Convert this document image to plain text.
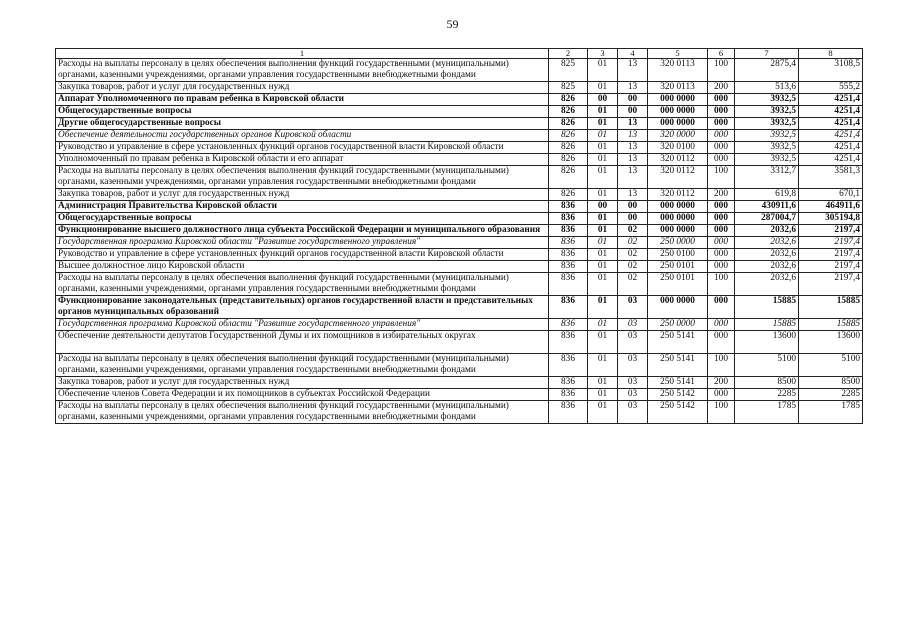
59
1	2	3	4	5	6	7	8
Расходы на выплаты персоналу в целях обеспечения выполнения функций государственными (муниципальными) органами, казенными учреждениями, органами управления государственными внебюджетными фондами	825	01	13	320 0113	100	2875,4	3108,5
Закупка товаров, работ и услуг для государственных нужд	825	01	13	320 0113	200	513,6	555,2
Аппарат Уполномоченного по правам ребенка в Кировской области	826	00	00	000 0000	000	3932,5	4251,4
Общегосударственные вопросы	826	01	00	000 0000	000	3932,5	4251,4
Другие общегосударственные вопросы	826	01	13	000 0000	000	3932,5	4251,4
Обеспечение деятельности государственных органов Кировской области	826	01	13	320 0000	000	3932,5	4251,4
Руководство и управление в сфере установленных функций органов государственной власти Кировской области	826	01	13	320 0100	000	3932,5	4251,4
Уполномоченный по правам ребенка в Кировской области и его аппарат	826	01	13	320 0112	000	3932,5	4251,4
Расходы на выплаты персоналу в целях обеспечения выполнения функций государственными (муниципальными) органами, казенными учреждениями, органами управления государственными внебюджетными фондами	826	01	13	320 0112	100	3312,7	3581,3
Закупка товаров, работ и услуг для государственных нужд	826	01	13	320 0112	200	619,8	670,1
Администрация Правительства Кировской области	836	00	00	000 0000	000	430911,6	464911,6
Общегосударственные вопросы	836	01	00	000 0000	000	287004,7	305194,8
Функционирование высшего должностного лица субъекта Российской Федерации и муниципального образования	836	01	02	000 0000	000	2032,6	2197,4
Государственная программа Кировской области "Развитие государственного управления"	836	01	02	250 0000	000	2032,6	2197,4
Руководство и управление в сфере установленных функций органов государственной власти Кировской области	836	01	02	250 0100	000	2032,6	2197,4
Высшее должностное лицо Кировской области	836	01	02	250 0101	000	2032,6	2197,4
Расходы на выплаты персоналу в целях обеспечения выполнения функций государственными (муниципальными) органами, казенными учреждениями, органами управления государственными внебюджетными фондами	836	01	02	250 0101	100	2032,6	2197,4
Функционирование законодательных (представительных) органов государственной власти и представительных органов муниципальных образований	836	01	03	000 0000	000	15885	15885
Государственная программа Кировской области "Развитие государственного управления"	836	01	03	250 0000	000	15885	15885
Обеспечение деятельности депутатов Государственной Думы и их помощников в избирательных округах	836	01	03	250 5141	000	13600	13600
Расходы на выплаты персоналу в целях обеспечения выполнения функций государственными (муниципальными) органами, казенными учреждениями, органами управления государственными внебюджетными фондами	836	01	03	250 5141	100	5100	5100
Закупка товаров, работ и услуг для государственных нужд	836	01	03	250 5141	200	8500	8500
Обеспечение членов Совета Федерации и их помощников в субъектах Российской Федерации	836	01	03	250 5142	000	2285	2285
Расходы на выплаты персоналу в целях обеспечения выполнения функций государственными (муниципальными) органами, казенными учреждениями, органами управления государственными внебюджетными фондами	836	01	03	250 5142	100	1785	1785
